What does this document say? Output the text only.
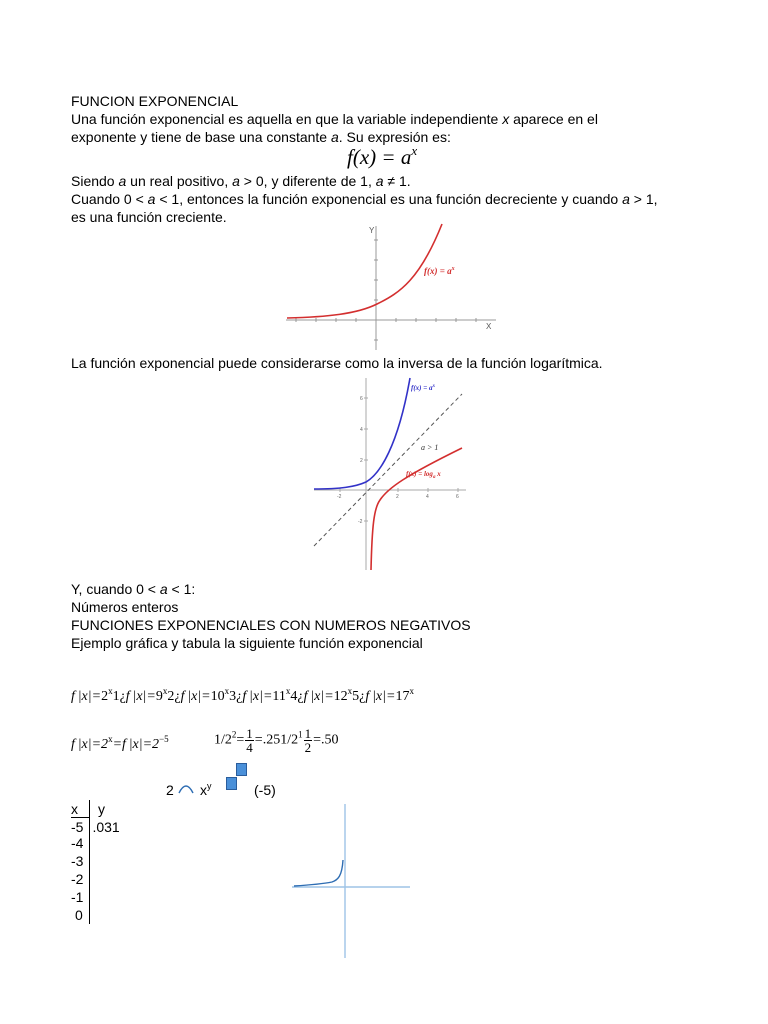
FUNCION EXPONENCIAL
Una función exponencial es aquella en que la variable independiente x aparece en el
exponente y tiene de base una constante a. Su expresión es:
$f(x) = a^x$
Siendo a un real positivo, a > 0, y diferente de 1, a ≠ 1.
Cuando 0 < a < 1, entonces la función exponencial es una función decreciente y cuando a > 1,
es una función creciente.
Y
X
$f(x) = a^x$
La función exponencial puede considerarse como la inversa de la función logarítmica.
-2	2	4	6
6
4
2
-2
$f(x) = a^x$
a > 1
$f(x) = \log_a x$
Y, cuando 0 < a < 1:
Números enteros
FUNCIONES EXPONENCIALES CON NUMEROS NEGATIVOS
Ejemplo gráfica y tabula la siguiente función exponencial
f $|x|=2^x1¿f$ $|x|=9^x2¿f$ $|x|=10^x3¿f$ $|x|=11^x4¿f$ $|x|=12^x5¿f$ $|x|=17^x$
f $|x|=2^x=f$ $|x|=2^{-5}$	$1/2^2= \frac{1}{4} =.251/2^1 \frac{1}{2} =.50$
2 $x^y$	(-5)
x y
-5 .031
-4
-3
-2
-1
0
